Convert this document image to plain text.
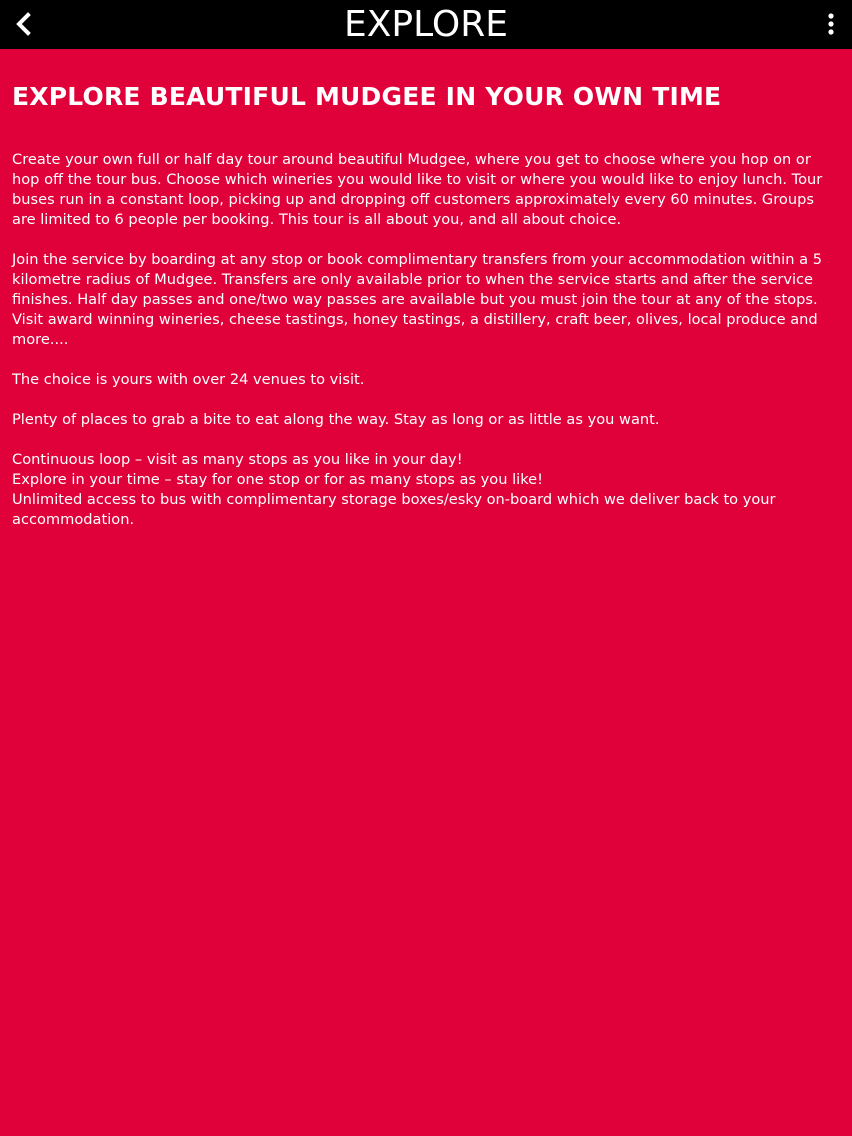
EXPLORE
EXPLORE BEAUTIFUL MUDGEE IN YOUR OWN TIME

Create your own full or half day tour around beautiful Mudgee, where you get to choose where you hop on or hop off the tour bus. Choose which wineries you would like to visit or where you would like to enjoy lunch. Tour buses run in a constant loop, picking up and dropping off customers approximately every 60 minutes. Groups are limited to 6 people per booking. This tour is all about you, and all about choice.

Join the service by boarding at any stop or book complimentary transfers from your accommodation within a 5 kilometre radius of Mudgee. Transfers are only available prior to when the service starts and after the service finishes. Half day passes and one/two way passes are available but you must join the tour at any of the stops. Visit award winning wineries, cheese tastings, honey tastings, a distillery, craft beer, olives, local produce and more....

The choice is yours with over 24 venues to visit.

Plenty of places to grab a bite to eat along the way. Stay as long or as little as you want.

Continuous loop – visit as many stops as you like in your day!

Explore in your time – stay for one stop or for as many stops as you like!

Unlimited access to bus with complimentary storage boxes/esky on-board which we deliver back to your accommodation.
